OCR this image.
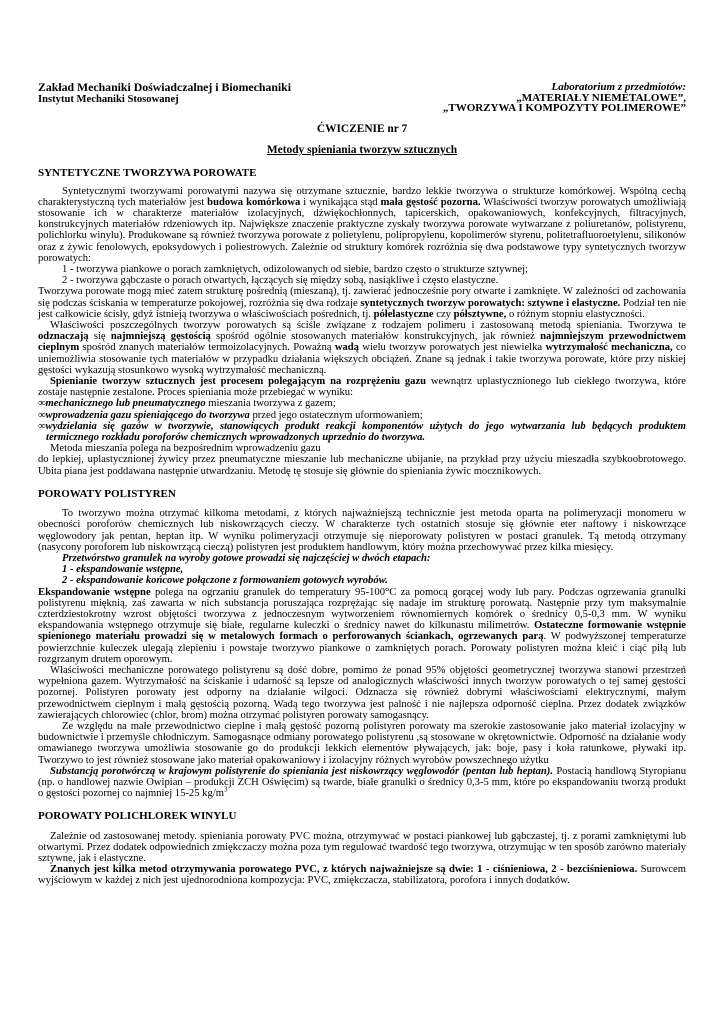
Zakład Mechaniki Doświadczalnej i Biomechaniki
Instytut Mechaniki Stosowanej
Laboratorium z przedmiotów:
„MATERIAŁY NIEMETALOWE”,
„TWORZYWA I KOMPOZYTY POLIMEROWE”
ĆWICZENIE nr 7
Metody spieniania tworzyw sztucznych
SYNTETYCZNE TWORZYWA POROWATE

Syntetycznymi tworzywami porowatymi nazywa się otrzymane sztucznie, bardzo lekkie tworzywa o strukturze komórkowej. Wspólną cechą charakterystyczną tych materiałów jest budowa komórkowa i wynikająca stąd mała gęstość pozorna. Właściwości tworzyw porowatych umożliwiają stosowanie ich w charakterze materiałów izolacyjnych, dźwiękochłonnych, tapicerskich, opakowaniowych, konfekcyjnych, filtracyjnych, konstrukcyjnych materiałów rdzeniowych itp. Największe znaczenie praktyczne zyskały tworzywa porowate wytwarzane z poliuretanów, polistyrenu, polichlorku winylu). Produkowane są również tworzywa porowate z polietylenu, polipropylenu, kopolimerów styrenu, politetrafluoroetylenu, silikonów oraz z żywic fenolowych, epoksydowych i poliestrowych. Zależnie od struktury komórek rozróżnia się dwa podstawowe typy syntetycznych tworzyw porowatych:

1 - tworzywa piankowe o porach zamkniętych, odizolowanych od siebie, bardzo często o strukturze sztywnej;

2 - tworzywa gąbczaste o porach otwartych, łączących się między sobą, nasiąkliwe i często elastyczne.

Tworzywa porowate mogą mieć zatem strukturę pośrednią (mieszaną), tj. zawierać jednocześnie pory otwarte i zamknięte. W zależności od zachowania się podczas ściskania w temperaturze pokojowej, rozróżnia się dwa rodzaje syntetycznych tworzyw porowatych: sztywne i elastyczne. Podział ten nie jest całkowicie ścisły, gdyż istnieją tworzywa o właściwościach pośrednich, tj. półelastyczne czy półsztywne, o różnym stopniu elastyczności.

Właściwości poszczególnych tworzyw porowatych są ściśle związane z rodzajem polimeru i zastosowaną metodą spieniania. Tworzywa te odznaczają się najmniejszą gęstością spośród ogólnie stosowanych materiałów konstrukcyjnych, jak również najmniejszym przewodnictwem cieplnym spośród znanych materiałów termoizolacyjnych. Poważną wadą wielu tworzyw porowatych jest niewielka wytrzymałość mechaniczna, co uniemożliwia stosowanie tych materiałów w przypadku działania większych obciążeń. Znane są jednak i takie tworzywa porowate, które przy niskiej gęstości wykazują stosunkowo wysoką wytrzymałość mechaniczną.

Spienianie tworzyw sztucznych jest procesem polegającym na rozprężeniu gazu wewnątrz uplastycznionego lub ciekłego tworzywa, które zostaje następnie zestalone. Proces spieniania może przebiegać w wyniku:

∞mechanicznego lub pneumatycznego mieszania tworzywa z gazem;

∞wprowadzenia gazu spieniającego do tworzywa przed jego ostatecznym uformowaniem;

∞wydzielania się gazów w tworzywie, stanowiących produkt reakcji komponentów użytych do jego wytwarzania lub będących produktem termicznego rozkładu poroforów chemicznych wprowadzonych uprzednio do tworzywa.

Metoda mieszania polega na bezpośrednim wprowadzeniu gazu

do lepkiej, uplastycznionej żywicy przez pneumatyczne mieszanie lub mechaniczne ubijanie, na przykład przy użyciu mieszadła szybkoobrotowego. Ubita piana jest poddawana następnie utwardzaniu. Metodę tę stosuje się głównie do spieniania żywic mocznikowych.

POROWATY POLISTYREN

To tworzywo można otrzymać kilkoma metodami, z których najważniejszą technicznie jest metoda oparta na polimeryzacji monomeru w obecności poroforów chemicznych lub niskowrzących cieczy. W charakterze tych ostatnich stosuje się głównie eter naftowy i niskowrzące węglowodory jak pentan, heptan itp. W wyniku polimeryzacji otrzymuje się nieporowaty polistyren w postaci granulek. Tą metodą otrzymany (nasycony poroforem lub niskowrzącą cieczą) polistyren jest produktem handlowym, który można przechowywać przez kilka miesięcy.

Przetwórstwo granulek na wyroby gotowe prowadzi się najczęściej w dwóch etapach:

1 - ekspandowanie wstępne,

2 - ekspandowanie końcowe połączone z formowaniem gotowych wyrobów.

Ekspandowanie wstępne polega na ogrzaniu granulek do temperatury 95-100°C za pomocą gorącej wody lub pary. Podczas ogrzewania granulki polistyrenu mięknią, zaś zawarta w nich substancja poruszająca rozprężając się nadaje im strukturę porowatą. Następnie przy tym maksymalnie czterdziestokrotny wzrost objętości tworzywa z jednoczesnym wytworzeniem równomiernych komórek o średnicy 0,5-0,3 mm. W wyniku ekspandowania wstępnego otrzymuje się białe, regularne kuleczki o średnicy nawet do kilkunastu milimetrów. Ostateczne formowanie wstępnie spienionego materiału prowadzi się w metalowych formach o perforowanych ściankach, ogrzewanych parą. W podwyższonej temperaturze powierzchnie kuleczek ulegają zlepieniu i powstaje tworzywo piankowe o zamkniętych porach. Porowaty polistyren można kleić i ciąć piłą lub rozgrzanym drutem oporowym.

Właściwości mechaniczne porowatego polistyrenu są dość dobre, pomimo że ponad 95% objętości geometrycznej tworzywa stanowi przestrzeń wypełniona gazem. Wytrzymałość na ściskanie i udarność są lepsze od analogicznych właściwości innych tworzyw porowatych o tej samej gęstości pozornej. Polistyren porowaty jest odporny na działanie wilgoci. Odznacza się również dobrymi właściwościami elektrycznymi, małym przewodnictwem cieplnym i małą gęstością pozorną. Wadą tego tworzywa jest palność i nie najlepsza odporność cieplna. Przez dodatek związków zawierających chlorowiec (chlor, brom) można otrzymać polistyren porowaty samogasnący.

Ze względu na małe przewodnictwo cieplne i małą gęstość pozorną polistyren porowaty ma szerokie zastosowanie jako materiał izolacyjny w budownictwie i przemyśle chłodniczym. Samogasnące odmiany porowatego polistyrenu ,są stosowane w okrętownictwie. Odporność na działanie wody omawianego tworzywa umożliwia stosowanie go do produkcji lekkich elementów pływających, jak: boje, pasy i koła ratunkowe, pływaki itp. Tworzywo to jest również stosowane jako materiał opakowaniowy i izolacyjny różnych wyrobów powszechnego użytku

Substancją porotwórczą w krajowym polistyrenie do spieniania jest niskowrzący węglowodór (pentan lub heptan). Postacią handlową Styropianu (np. o handlowej nazwie Owipian – produkcji ZCH Oświęcim) są twarde, białe granulki o średnicy 0,3-5 mm, które po ekspandowaniu tworzą produkt o gęstości pozornej co najmniej 15-25 $kg/m^3$

POROWATY POLICHLOREK WINYLU

Zależnie od zastosowanej metody. spieniania porowaty PVC można, otrzymywać w postaci piankowej lub gąbczastej, tj. z porami zamkniętymi lub otwartymi. Przez dodatek odpowiednich zmiękczaczy można poza tym regulować twardość tego tworzywa, otrzymując w ten sposób zarówno materiały sztywne, jak i elastyczne.

Znanych jest kilka metod otrzymywania porowatego PVC, z których najważniejsze są dwie: 1 - ciśnieniowa, 2 - bezciśnieniowa. Surowcem wyjściowym w każdej z nich jest ujednorodniona kompozycja: PVC, zmiękczacza, stabilizatora, porofora i innych dodatków.
